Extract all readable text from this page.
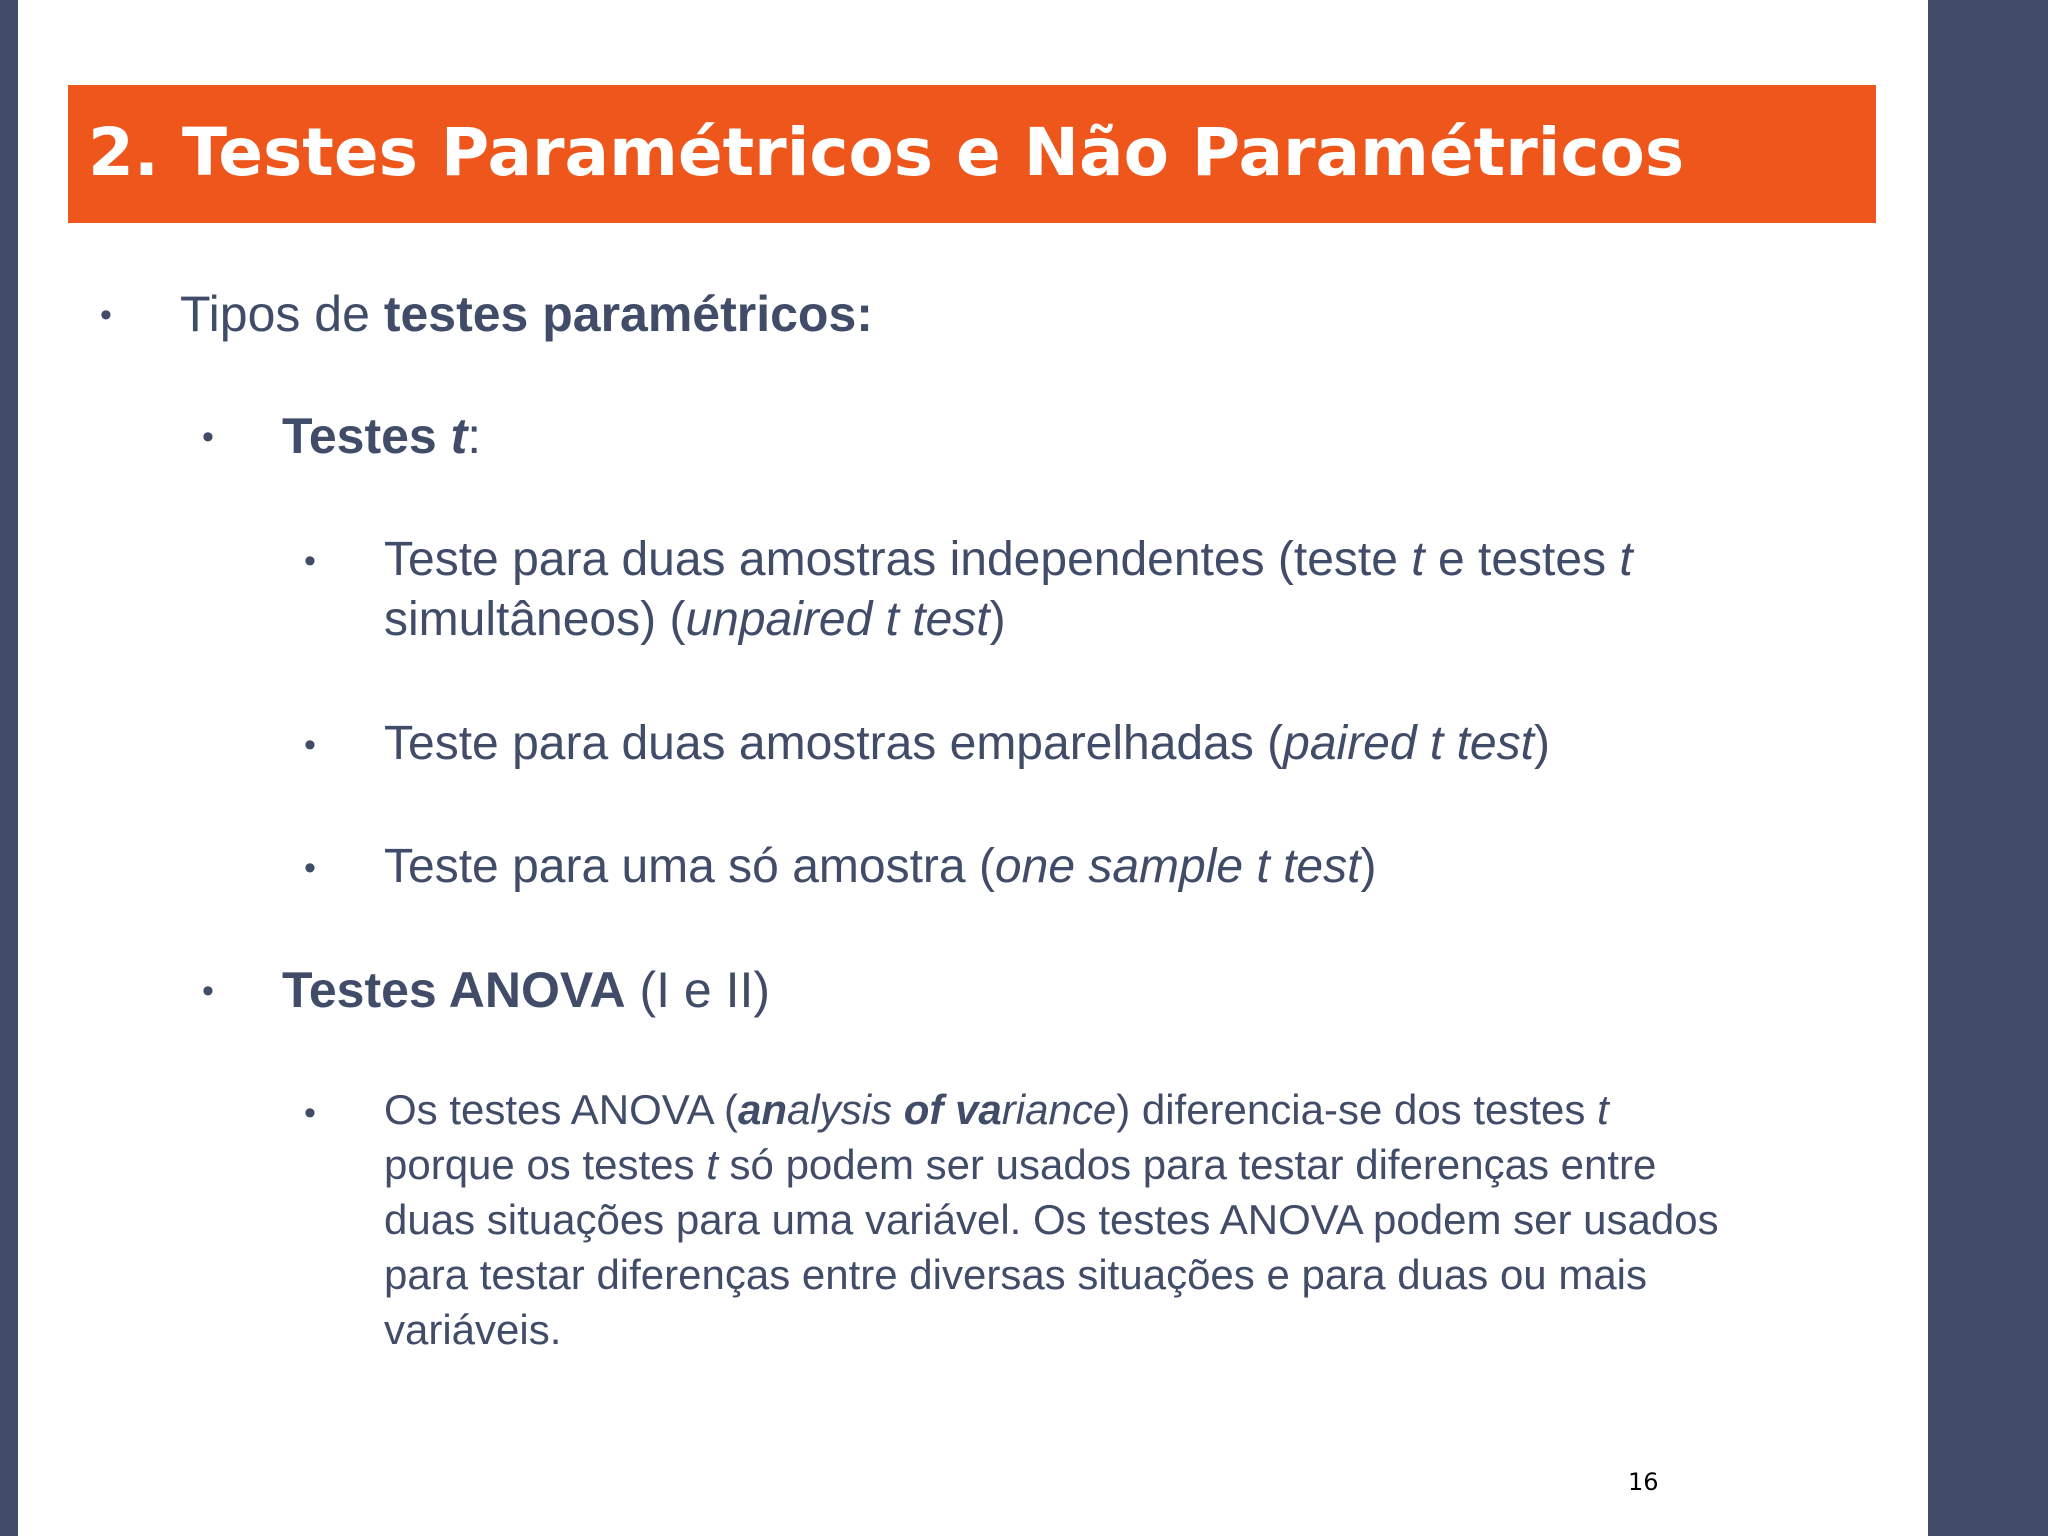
2. Testes Paramétricos e Não Paramétricos
• Tipos de testes paramétricos:
• Testes t:
• Teste para duas amostras independentes (teste t e testes t
simultâneos) (unpaired t test)
• Teste para duas amostras emparelhadas (paired t test)
• Teste para uma só amostra (one sample t test)
• Testes ANOVA (I e II)
• Os testes ANOVA (analysis of variance) diferencia-se dos testes t
porque os testes t só podem ser usados para testar diferenças entre
duas situações para uma variável. Os testes ANOVA podem ser usados
para testar diferenças entre diversas situações e para duas ou mais
variáveis.
16
